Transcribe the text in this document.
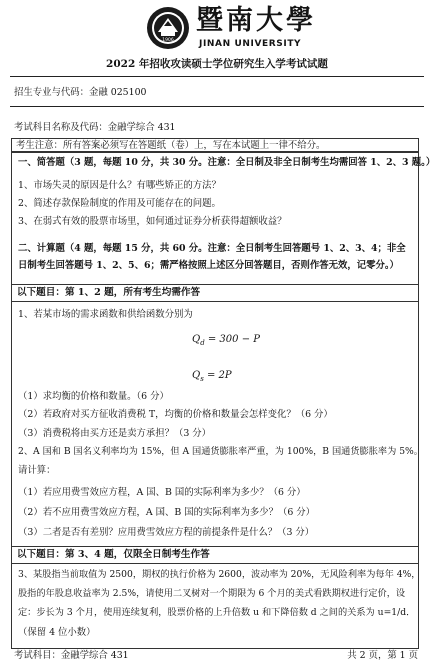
1906
暨南大學
JINAN UNIVERSITY
2022 年招收攻读硕士学位研究生入学考试试题
招生专业与代码：金融 025100
考试科目名称及代码：金融学综合 431
考生注意：所有答案必须写在答题纸（卷）上，写在本试题上一律不给分。
一、简答题（3 题，每题 10 分，共 30 分。注意：全日制及非全日制考生均需回答 1、2、3 题。）
1、市场失灵的原因是什么？有哪些矫正的方法？
2、简述存款保险制度的作用及可能存在的问题。
3、在弱式有效的股票市场里，如何通过证券分析获得超额收益？
二、计算题（4 题，每题 15 分，共 60 分。注意：全日制考生回答题号 1、2、3、4；非全日制考生回答题号 1、2、5、6；需严格按照上述区分回答题目，否则作答无效，记零分。）
以下题目：第 1、2 题，所有考生均需作答
1、若某市场的需求函数和供给函数分别为
$Q_d = 300 - P$
$Q_s = 2P$
（1）求均衡的价格和数量。（6 分）
（2）若政府对买方征收消费税 T，均衡的价格和数量会怎样变化？（6 分）
（3）消费税将由买方还是卖方承担？（3 分）
2、A 国和 B 国名义利率均为 15%，但 A 国通货膨胀率严重，为 100%，B 国通货膨胀率为 5%。
请计算：
（1）若应用费雪效应方程，A 国、B 国的实际利率为多少？（6 分）
（2）若不应用费雪效应方程，A 国、B 国的实际利率为多少？（6 分）
（3）二者是否有差别？应用费雪效应方程的前提条件是什么？（3 分）
以下题目：第 3、4 题，仅限全日制考生作答
3、某股指当前取值为 2500，期权的执行价格为 2600，波动率为 20%，无风险利率为每年 4%，
股指的年股息收益率为 2.5%，请使用二叉树对一个期限为 6 个月的美式看跌期权进行定价，设
定：步长为 3 个月，使用连续复利，股票价格的上升倍数 u 和下降倍数 d 之间的关系为 u=1/d．
（保留 4 位小数）
考试科目：金融学综合 431	共 2 页，第 1 页
